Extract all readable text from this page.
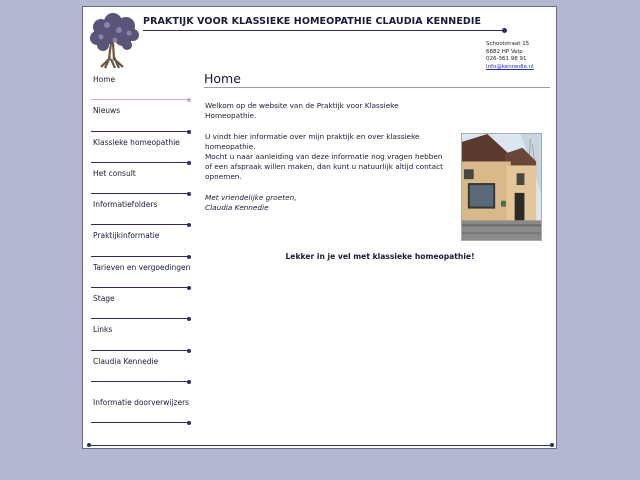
PRAKTIJK VOOR KLASSIEKE HOMEOPATHIE CLAUDIA KENNEDIE
Schoolstraat 15
6882 HP Velp
026-361 98 91
info@kennedie.nl
Home
Nieuws
Klassieke homeopathie
Het consult
Informatiefolders
Praktijkinformatie
Tarieven en vergoedingen
Stage
Links
Claudia Kennedie
Informatie doorverwijzers
Home

Welkom op de website van de Praktijk voor Klassieke Homeopathie.

U vindt hier informatie over mijn praktijk en over klassieke homeopathie.
Mocht u naar aanleiding van deze informatie nog vragen hebben of een afspraak willen maken, dan kunt u natuurlijk altijd contact opnemen.

Met vriendelijke groeten,
Claudia Kennedie

Lekker in je vel met klassieke homeopathie!
